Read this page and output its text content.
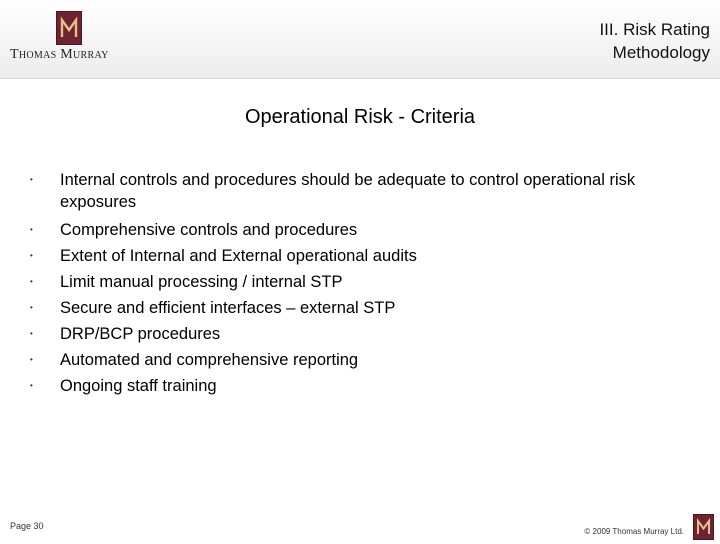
Thomas Murray
III. Risk Rating
Methodology
Operational Risk - Criteria
• Internal controls and procedures should be adequate to control operational risk exposures
• Comprehensive controls and procedures
• Extent of Internal and External operational audits
• Limit manual processing / internal STP
• Secure and efficient interfaces – external STP
• DRP/BCP procedures
• Automated and comprehensive reporting
• Ongoing staff training
Page 30
© 2009 Thomas Murray Ltd.
